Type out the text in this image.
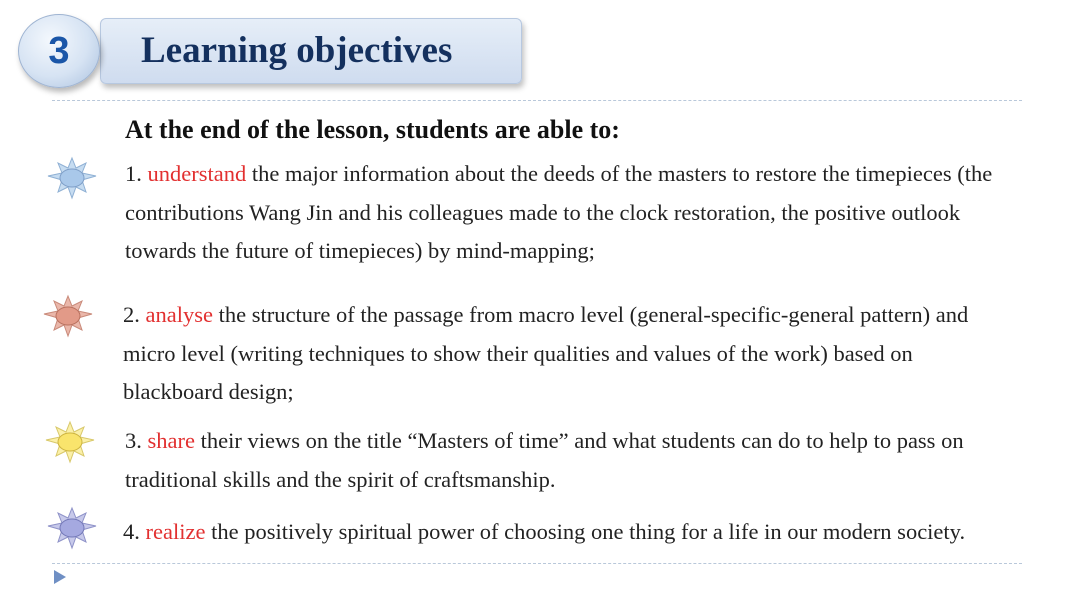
3 Learning objectives
At the end of the lesson, students are able to:
1. understand the major information about the deeds of the masters to restore the timepieces (the contributions Wang Jin and his colleagues made to the clock restoration, the positive outlook towards the future of timepieces) by mind-mapping;
2. analyse the structure of the passage from macro level (general-specific-general pattern) and micro level (writing techniques to show their qualities and values of the work) based on blackboard design;
3. share their views on the title “Masters of time” and what students can do to help to pass on traditional skills and the spirit of craftsmanship.
4. realize the positively spiritual power of choosing one thing for a life in our modern society.
